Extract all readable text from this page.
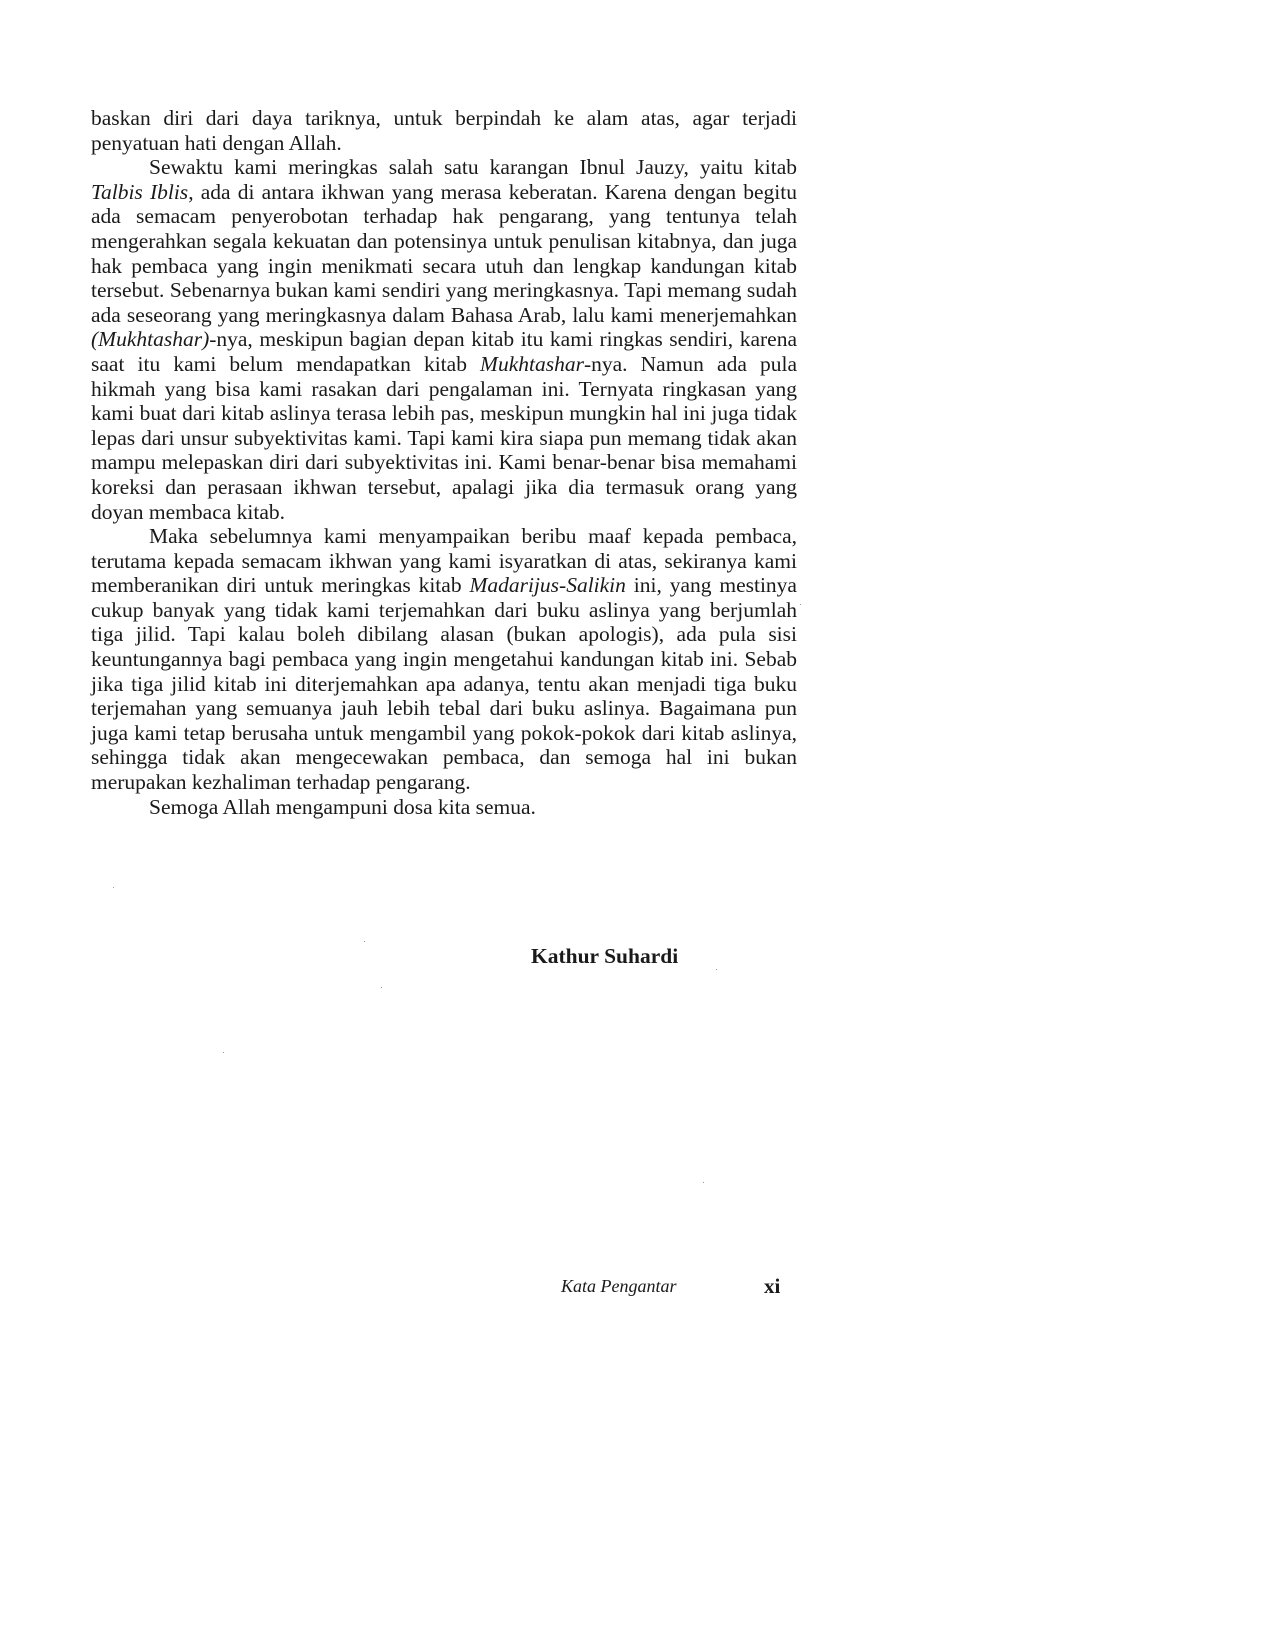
baskan diri dari daya tariknya, untuk berpindah ke alam atas, agar terjadi penyatuan hati dengan Allah.

Sewaktu kami meringkas salah satu karangan Ibnul Jauzy, yaitu kitab Talbis Iblis, ada di antara ikhwan yang merasa keberatan. Karena dengan begitu ada semacam penyerobotan terhadap hak pengarang, yang tentunya telah mengerahkan segala kekuatan dan potensinya untuk penulisan kitabnya, dan juga hak pembaca yang ingin menikmati secara utuh dan lengkap kandungan kitab tersebut. Sebenarnya bukan kami sendiri yang meringkasnya. Tapi memang sudah ada seseorang yang meringkasnya dalam Bahasa Arab, lalu kami menerjemahkan (Mukhtashar)-nya, meskipun bagian depan kitab itu kami ringkas sendiri, karena saat itu kami belum mendapatkan kitab Mukhtashar-nya. Namun ada pula hikmah yang bisa kami rasakan dari pengalaman ini. Ternyata ringkasan yang kami buat dari kitab aslinya terasa lebih pas, meskipun mungkin hal ini juga tidak lepas dari unsur subyektivitas kami. Tapi kami kira siapa pun memang tidak akan mampu melepaskan diri dari subyektivitas ini. Kami benar-benar bisa memahami koreksi dan perasaan ikhwan tersebut, apalagi jika dia termasuk orang yang doyan membaca kitab.

Maka sebelumnya kami menyampaikan beribu maaf kepada pembaca, terutama kepada semacam ikhwan yang kami isyaratkan di atas, sekiranya kami memberanikan diri untuk meringkas kitab Madarijus-Salikin ini, yang mestinya cukup banyak yang tidak kami terjemahkan dari buku aslinya yang berjumlah tiga jilid. Tapi kalau boleh dibilang alasan (bukan apologis), ada pula sisi keuntungannya bagi pembaca yang ingin mengetahui kandungan kitab ini. Sebab jika tiga jilid kitab ini diterjemahkan apa adanya, tentu akan menjadi tiga buku terjemahan yang semuanya jauh lebih tebal dari buku aslinya. Bagaimana pun juga kami tetap berusaha untuk mengambil yang pokok-pokok dari kitab aslinya, sehingga tidak akan mengecewakan pembaca, dan semoga hal ini bukan merupakan kezhaliman terhadap pengarang.

Semoga Allah mengampuni dosa kita semua.

Kathur Suhardi
Kata Pengantar	xi
